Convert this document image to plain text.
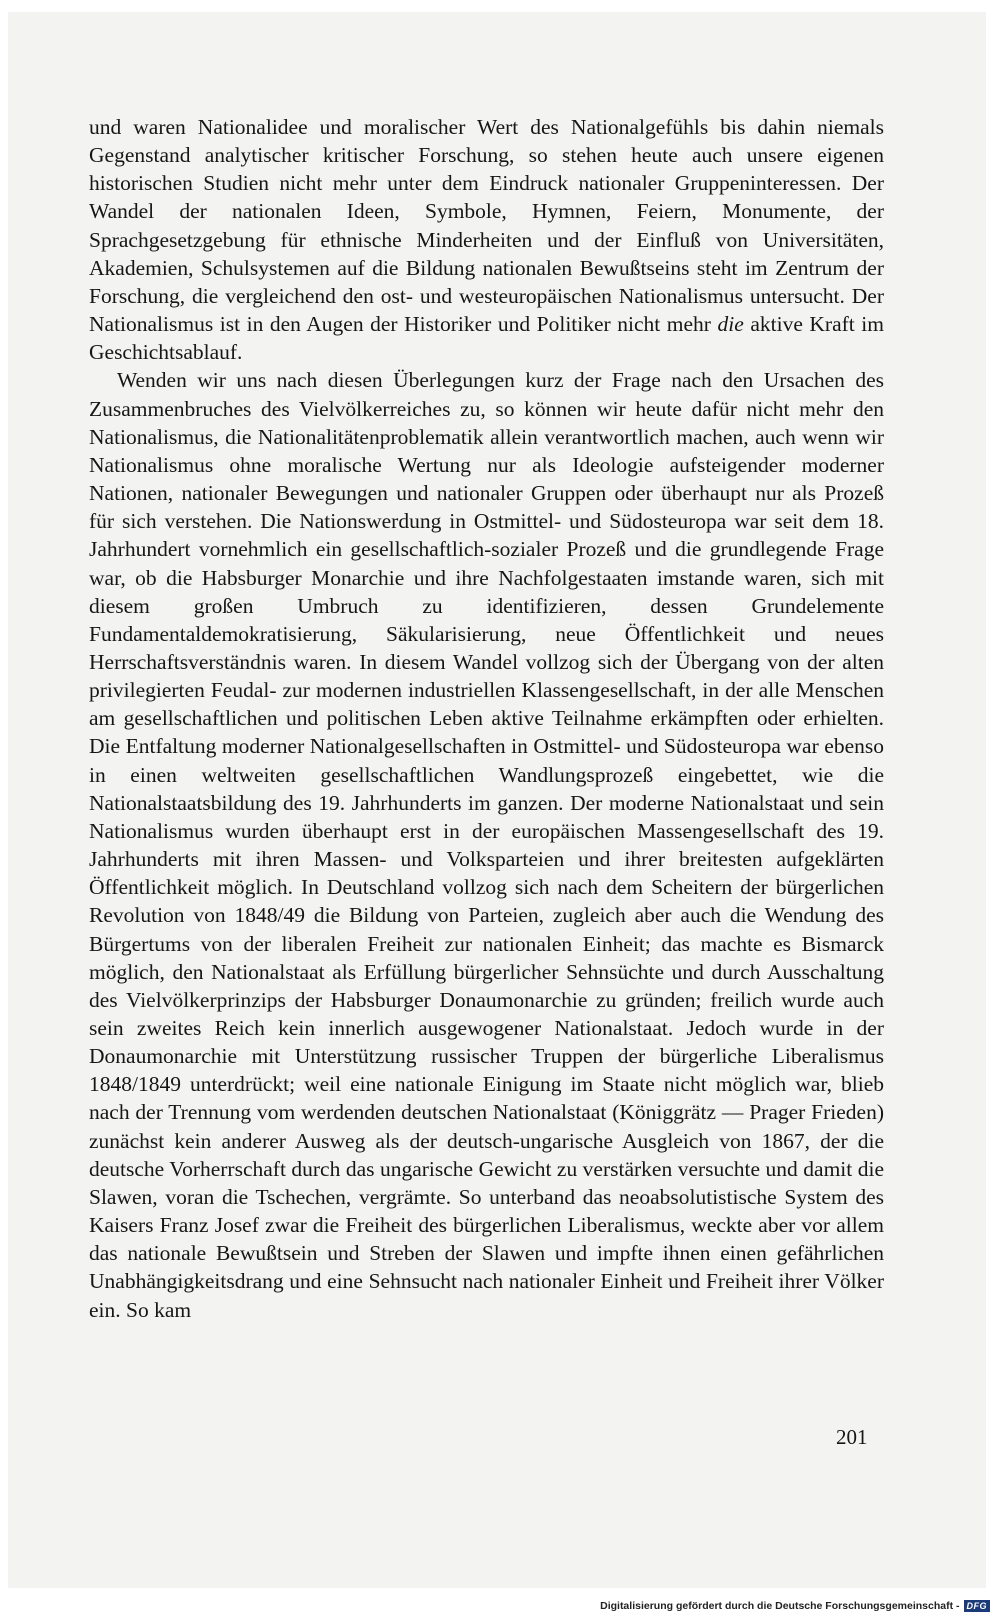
und waren Nationalidee und moralischer Wert des Nationalgefühls bis dahin niemals Gegenstand analytischer kritischer Forschung, so stehen heute auch unsere eigenen historischen Studien nicht mehr unter dem Eindruck nationaler Gruppeninteressen. Der Wandel der nationalen Ideen, Symbole, Hymnen, Feiern, Monumente, der Sprachgesetzgebung für ethnische Minderheiten und der Einfluß von Universitäten, Akademien, Schulsystemen auf die Bildung nationalen Bewußtseins steht im Zentrum der Forschung, die vergleichend den ost- und westeuropäischen Nationalismus untersucht. Der Nationalismus ist in den Augen der Historiker und Politiker nicht mehr die aktive Kraft im Geschichtsablauf.

Wenden wir uns nach diesen Überlegungen kurz der Frage nach den Ursachen des Zusammenbruches des Vielvölkerreiches zu, so können wir heute dafür nicht mehr den Nationalismus, die Nationalitätenproblematik allein verantwortlich machen, auch wenn wir Nationalismus ohne moralische Wertung nur als Ideologie aufsteigender moderner Nationen, nationaler Bewegungen und nationaler Gruppen oder überhaupt nur als Prozeß für sich verstehen. Die Nationswerdung in Ostmittel- und Südosteuropa war seit dem 18. Jahrhundert vornehmlich ein gesellschaftlich-sozialer Prozeß und die grundlegende Frage war, ob die Habsburger Monarchie und ihre Nachfolgestaaten imstande waren, sich mit diesem großen Umbruch zu identifizieren, dessen Grundelemente Fundamentaldemokratisierung, Säkularisierung, neue Öffentlichkeit und neues Herrschaftsverständnis waren. In diesem Wandel vollzog sich der Übergang von der alten privilegierten Feudal- zur modernen industriellen Klassengesellschaft, in der alle Menschen am gesellschaftlichen und politischen Leben aktive Teilnahme erkämpften oder erhielten. Die Entfaltung moderner Nationalgesellschaften in Ostmittel- und Südosteuropa war ebenso in einen weltweiten gesellschaftlichen Wandlungsprozeß eingebettet, wie die Nationalstaatsbildung des 19. Jahrhunderts im ganzen. Der moderne Nationalstaat und sein Nationalismus wurden überhaupt erst in der europäischen Massengesellschaft des 19. Jahrhunderts mit ihren Massen- und Volksparteien und ihrer breitesten aufgeklärten Öffentlichkeit möglich. In Deutschland vollzog sich nach dem Scheitern der bürgerlichen Revolution von 1848/49 die Bildung von Parteien, zugleich aber auch die Wendung des Bürgertums von der liberalen Freiheit zur nationalen Einheit; das machte es Bismarck möglich, den Nationalstaat als Erfüllung bürgerlicher Sehnsüchte und durch Ausschaltung des Vielvölkerprinzips der Habsburger Donaumonarchie zu gründen; freilich wurde auch sein zweites Reich kein innerlich ausgewogener Nationalstaat. Jedoch wurde in der Donaumonarchie mit Unterstützung russischer Truppen der bürgerliche Liberalismus 1848/1849 unterdrückt; weil eine nationale Einigung im Staate nicht möglich war, blieb nach der Trennung vom werdenden deutschen Nationalstaat (Königgrätz — Prager Frieden) zunächst kein anderer Ausweg als der deutsch-ungarische Ausgleich von 1867, der die deutsche Vorherrschaft durch das ungarische Gewicht zu verstärken versuchte und damit die Slawen, voran die Tschechen, vergrämte. So unterband das neoabsolutistische System des Kaisers Franz Josef zwar die Freiheit des bürgerlichen Liberalismus, weckte aber vor allem das nationale Bewußtsein und Streben der Slawen und impfte ihnen einen gefährlichen Unabhängigkeitsdrang und eine Sehnsucht nach nationaler Einheit und Freiheit ihrer Völker ein. So kam

201
Digitalisierung gefördert durch die Deutsche Forschungsgemeinschaft - DFG
